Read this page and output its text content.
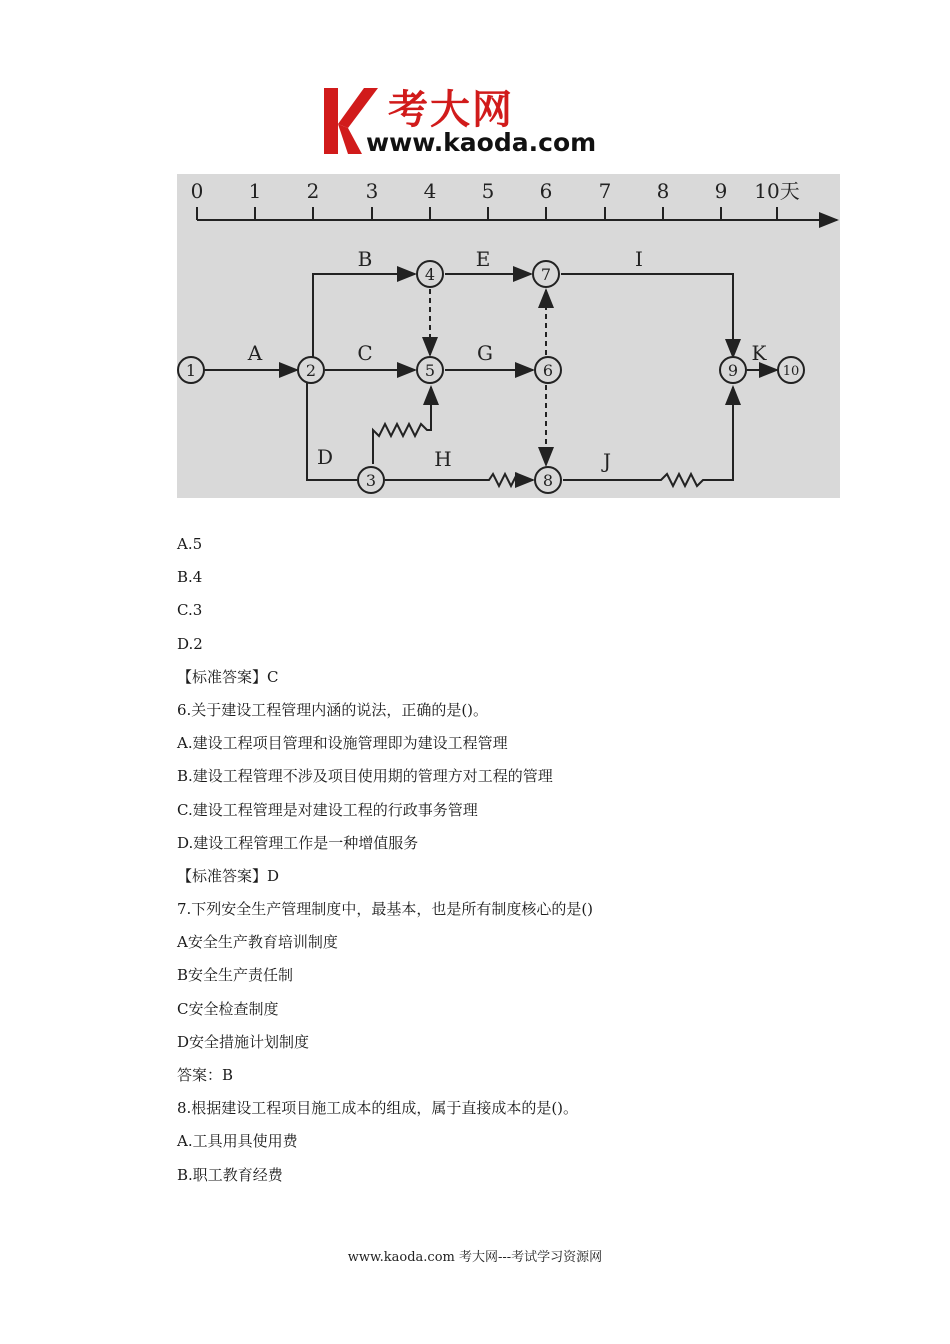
考大网
www.kaoda.com
0 1 2 3 4 5 6 7 8 9 10天
A
B
C
D
E
G
H
I
J
K
1	2
3
4
5	6
7
8
9	10
A.5
B.4
C.3
D.2
【标准答案】C
6.关于建设工程管理内涵的说法，正确的是()。
A.建设工程项目管理和设施管理即为建设工程管理
B.建设工程管理不涉及项目使用期的管理方对工程的管理
C.建设工程管理是对建设工程的行政事务管理
D.建设工程管理工作是一种增值服务
【标准答案】D
7.下列安全生产管理制度中，最基本，也是所有制度核心的是()
A安全生产教育培训制度
B安全生产责任制
C安全检查制度
D安全措施计划制度
答案：B
8.根据建设工程项目施工成本的组成，属于直接成本的是()。
A.工具用具使用费
B.职工教育经费
www.kaoda.com 考大网---考试学习资源网
